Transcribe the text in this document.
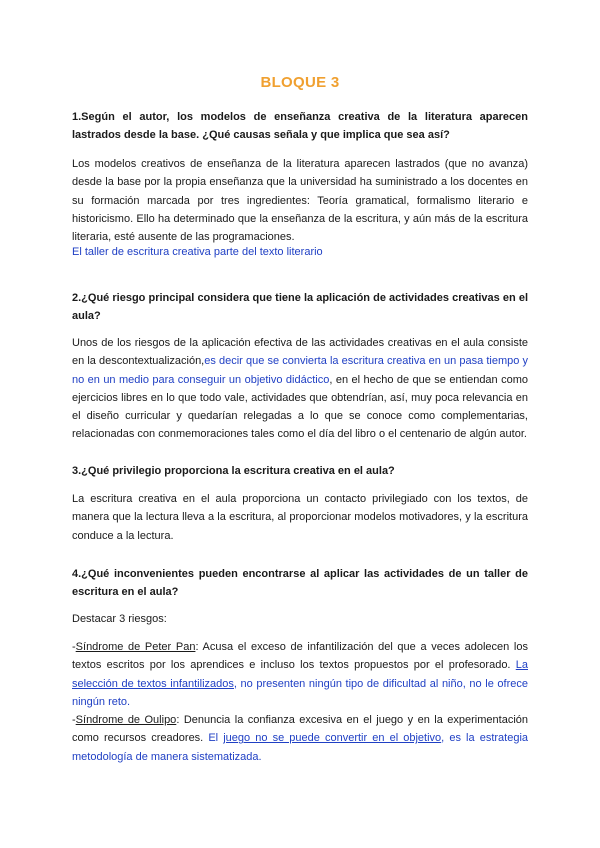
BLOQUE 3
1.Según el autor, los modelos de enseñanza creativa de la literatura aparecen lastrados desde la base. ¿Qué causas señala y que implica que sea así?
Los modelos creativos de enseñanza de la literatura aparecen lastrados (que no avanza) desde la base por la propia enseñanza que la universidad ha suministrado a los docentes en su formación marcada por tres ingredientes: Teoría gramatical, formalismo literario e historicismo. Ello ha determinado que la enseñanza de la escritura, y aún más de la escritura literaria, esté ausente de las programaciones.
El taller de escritura creativa parte del texto literario
2.¿Qué riesgo principal considera que tiene la aplicación de actividades creativas en el aula?
Unos de los riesgos de la aplicación efectiva de las actividades creativas en el aula consiste en la descontextualización,es decir que se convierta la escritura creativa en un pasa tiempo y no en un medio para conseguir un objetivo didáctico, en el hecho de que se entiendan como ejercicios libres en lo que todo vale, actividades que obtendrían, así, muy poca relevancia en el diseño curricular y quedarían relegadas a lo que se conoce como complementarias, relacionadas con conmemoraciones tales como el día del libro o el centenario de algún autor.
3.¿Qué privilegio proporciona la escritura creativa en el aula?
La escritura creativa en el aula proporciona un contacto privilegiado con los textos, de manera que la lectura lleva a la escritura, al proporcionar modelos motivadores, y la escritura conduce a la lectura.
4.¿Qué inconvenientes pueden encontrarse al aplicar las actividades de un taller de escritura en el aula?
Destacar 3 riesgos:
-Síndrome de Peter Pan: Acusa el exceso de infantilización del que a veces adolecen los textos escritos por los aprendices e incluso los textos propuestos por el profesorado. La selección de textos infantilizados, no presenten ningún tipo de dificultad al niño, no le ofrece ningún reto.
-Síndrome de Oulipo: Denuncia la confianza excesiva en el juego y en la experimentación como recursos creadores. El juego no se puede convertir en el objetivo, es la estrategia metodología de manera sistematizada.
